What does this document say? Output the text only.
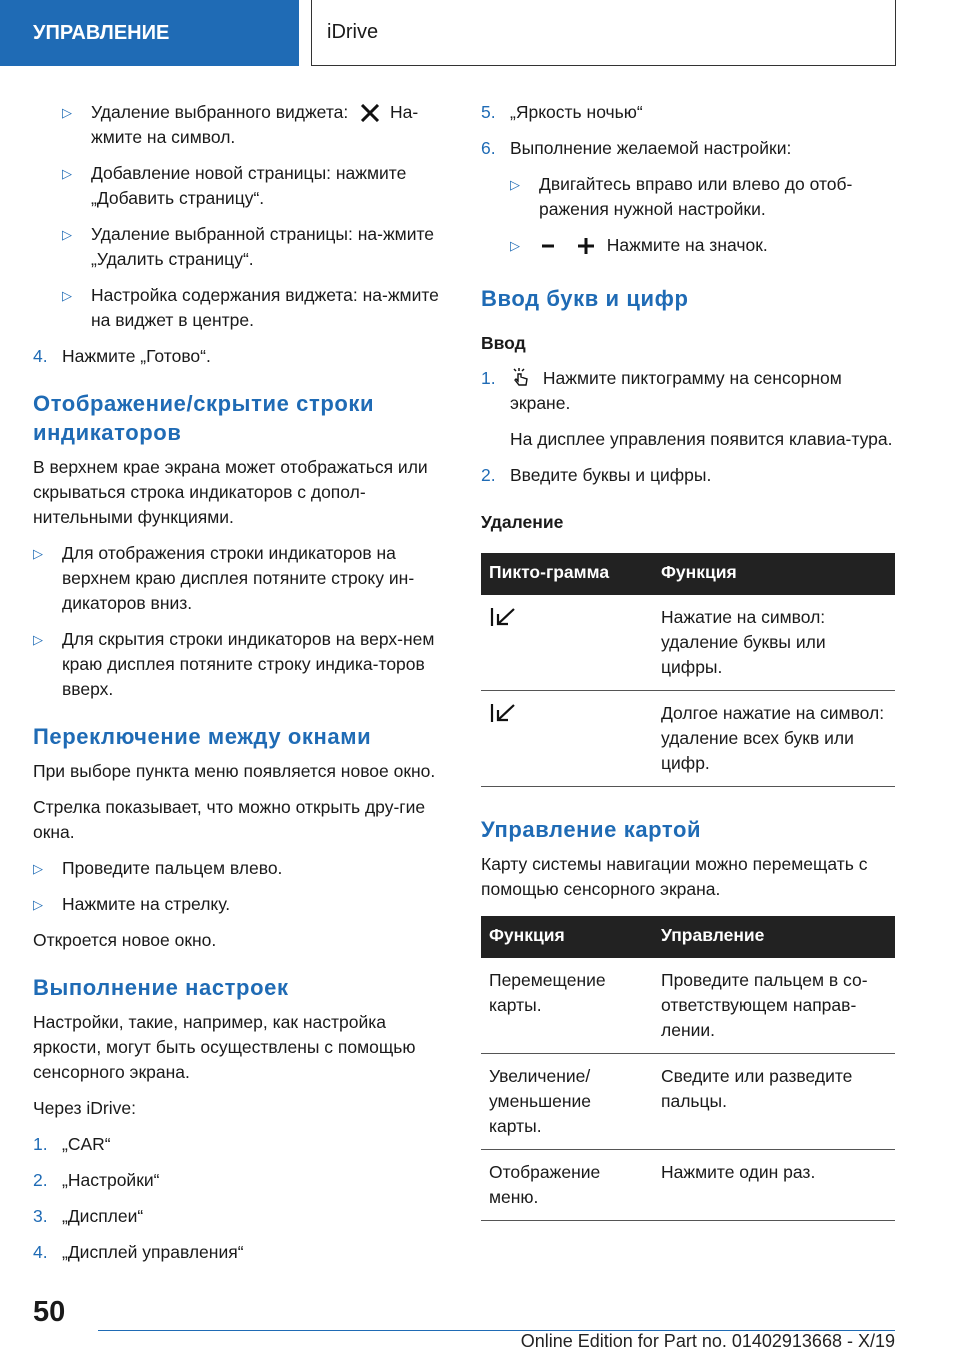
УПРАВЛЕНИЕ	iDrive
▷ Удаление выбранного виджета: На-
жмите на символ.
▷ Добавление новой страницы: нажмите „Добавить страницу“.
▷ Удаление выбранной страницы: на-жмите „Удалить страницу“.
▷ Настройка содержания виджета: на-жмите на виджет в центре.
4. Нажмите „Готово“.
Отображение/скрытие строки индикаторов

В верхнем крае экрана может отображаться или скрываться строка индикаторов с допол-нительными функциями.

▷ Для отображения строки индикаторов на верхнем краю дисплея потяните строку ин-дикаторов вниз.
▷ Для скрытия строки индикаторов на верх-нем краю дисплея потяните строку индика-торов вверх.
Переключение между окнами

При выборе пункта меню появляется новое окно.

Стрелка показывает, что можно открыть дру-гие окна.

▷ Проведите пальцем влево.
▷ Нажмите на стрелку.

Откроется новое окно.

Выполнение настроек

Настройки, такие, например, как настройка яркости, могут быть осуществлены с помощью сенсорного экрана.

Через iDrive:

1. „CAR“
2. „Настройки“
3. „Дисплеи“
4. „Дисплей управления“
5. „Яркость ночью“
6. Выполнение желаемой настройки:
▷ Двигайтесь вправо или влево до отоб-ражения нужной настройки.
▷	Нажмите на значок.
Ввод букв и цифр
Ввод
1.	Нажмите пиктограмму на сенсорном экране.
На дисплее управления появится клавиа-тура.
2. Введите буквы и цифры.
Удаление
Пикто-грамма	Функция
	Нажатие на символ: удаление буквы или цифры.
	Долгое нажатие на символ: удаление всех букв или цифр.
Управление картой

Карту системы навигации можно перемещать с помощью сенсорного экрана.

Функция	Управление
Перемещение карты.	Проведите пальцем в со-ответствующем направ-лении.
Увеличение/ уменьшение карты.	Сведите или разведите пальцы.
Отображение меню.	Нажмите один раз.
50
Online Edition for Part no. 01402913668 - X/19
